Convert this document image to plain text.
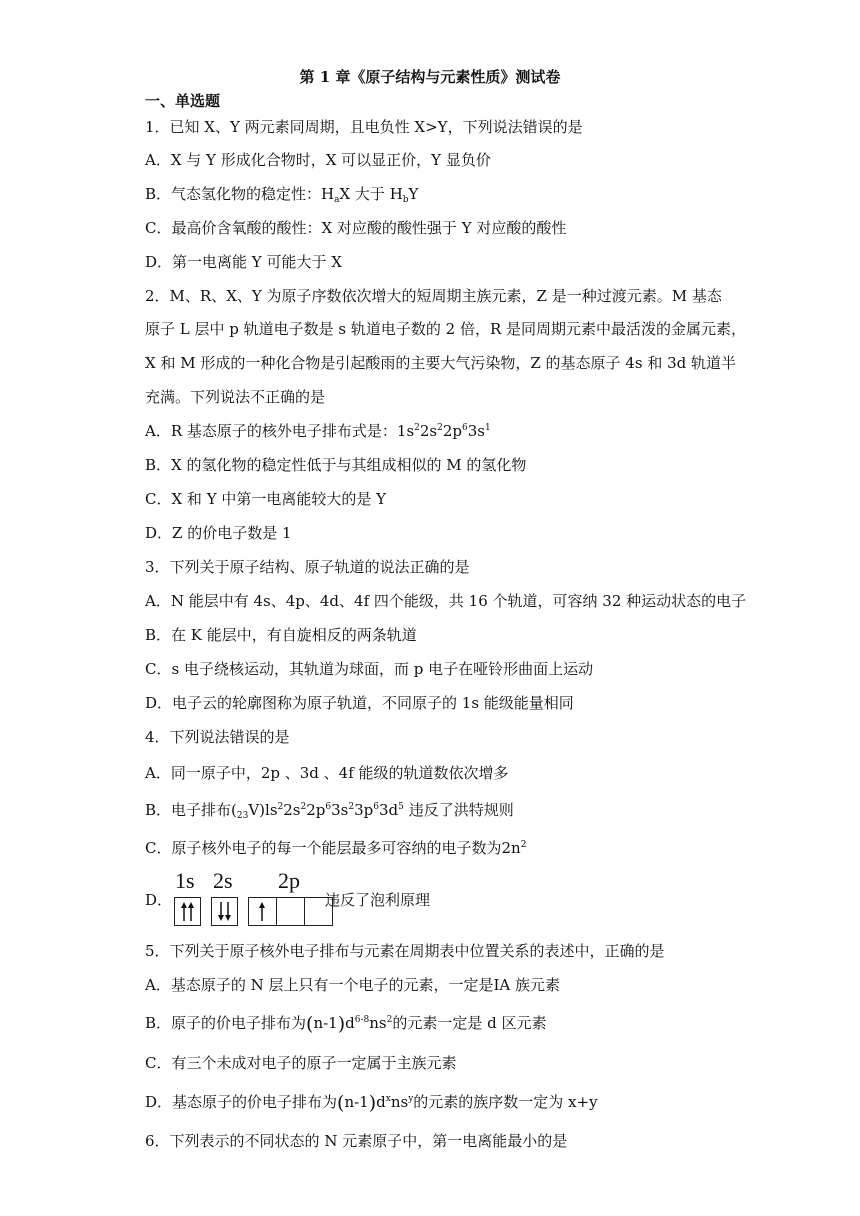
第 1 章《原子结构与元素性质》测试卷
一、单选题
1．已知 X、Y 两元素同周期，且电负性 X>Y，下列说法错误的是
A．X 与 Y 形成化合物时，X 可以显正价，Y 显负价
B．气态氢化物的稳定性：$H_aX$ 大于 $H_bY$
C．最高价含氧酸的酸性：X 对应酸的酸性强于 Y 对应酸的酸性
D．第一电离能 Y 可能大于 X
2．M、R、X、Y 为原子序数依次增大的短周期主族元素，Z 是一种过渡元素。M 基态
原子 L 层中 p 轨道电子数是 s 轨道电子数的 2 倍，R 是同周期元素中最活泼的金属元素，
X 和 M 形成的一种化合物是引起酸雨的主要大气污染物，Z 的基态原子 4s 和 3d 轨道半
充满。下列说法不正确的是
A．R 基态原子的核外电子排布式是：$1s^22s^22p^63s^1$
B．X 的氢化物的稳定性低于与其组成相似的 M 的氢化物
C．X 和 Y 中第一电离能较大的是 Y
D．Z 的价电子数是 1
3．下列关于原子结构、原子轨道的说法正确的是
A．N 能层中有 4s、4p、4d、4f 四个能级，共 16 个轨道，可容纳 32 种运动状态的电子
B．在 K 能层中，有自旋相反的两条轨道
C．s 电子绕核运动，其轨道为球面，而 p 电子在哑铃形曲面上运动
D．电子云的轮廓图称为原子轨道，不同原子的 1s 能级能量相同
4．下列说法错误的是
A．同一原子中，2p 、3d 、4f 能级的轨道数依次增多
B．电子排布$(_{23}V)ls^22s^22p^63s^23p^63d^5$ 违反了洪特规则
C．原子核外电子的每一个能层最多可容纳的电子数为$2n^2$
D．
1s 2s 2p
违反了泡利原理
5．下列关于原子核外电子排布与元素在周期表中位置关系的表述中，正确的是
A．基态原子的 N 层上只有一个电子的元素，一定是ⅠA 族元素
B．原子的价电子排布为$(n-1)d^{6-8}ns^2$的元素一定是 d 区元素
C．有三个未成对电子的原子一定属于主族元素
D．基态原子的价电子排布为$(n-1)d^xns^y$的元素的族序数一定为 x+y
6．下列表示的不同状态的 N 元素原子中，第一电离能最小的是
